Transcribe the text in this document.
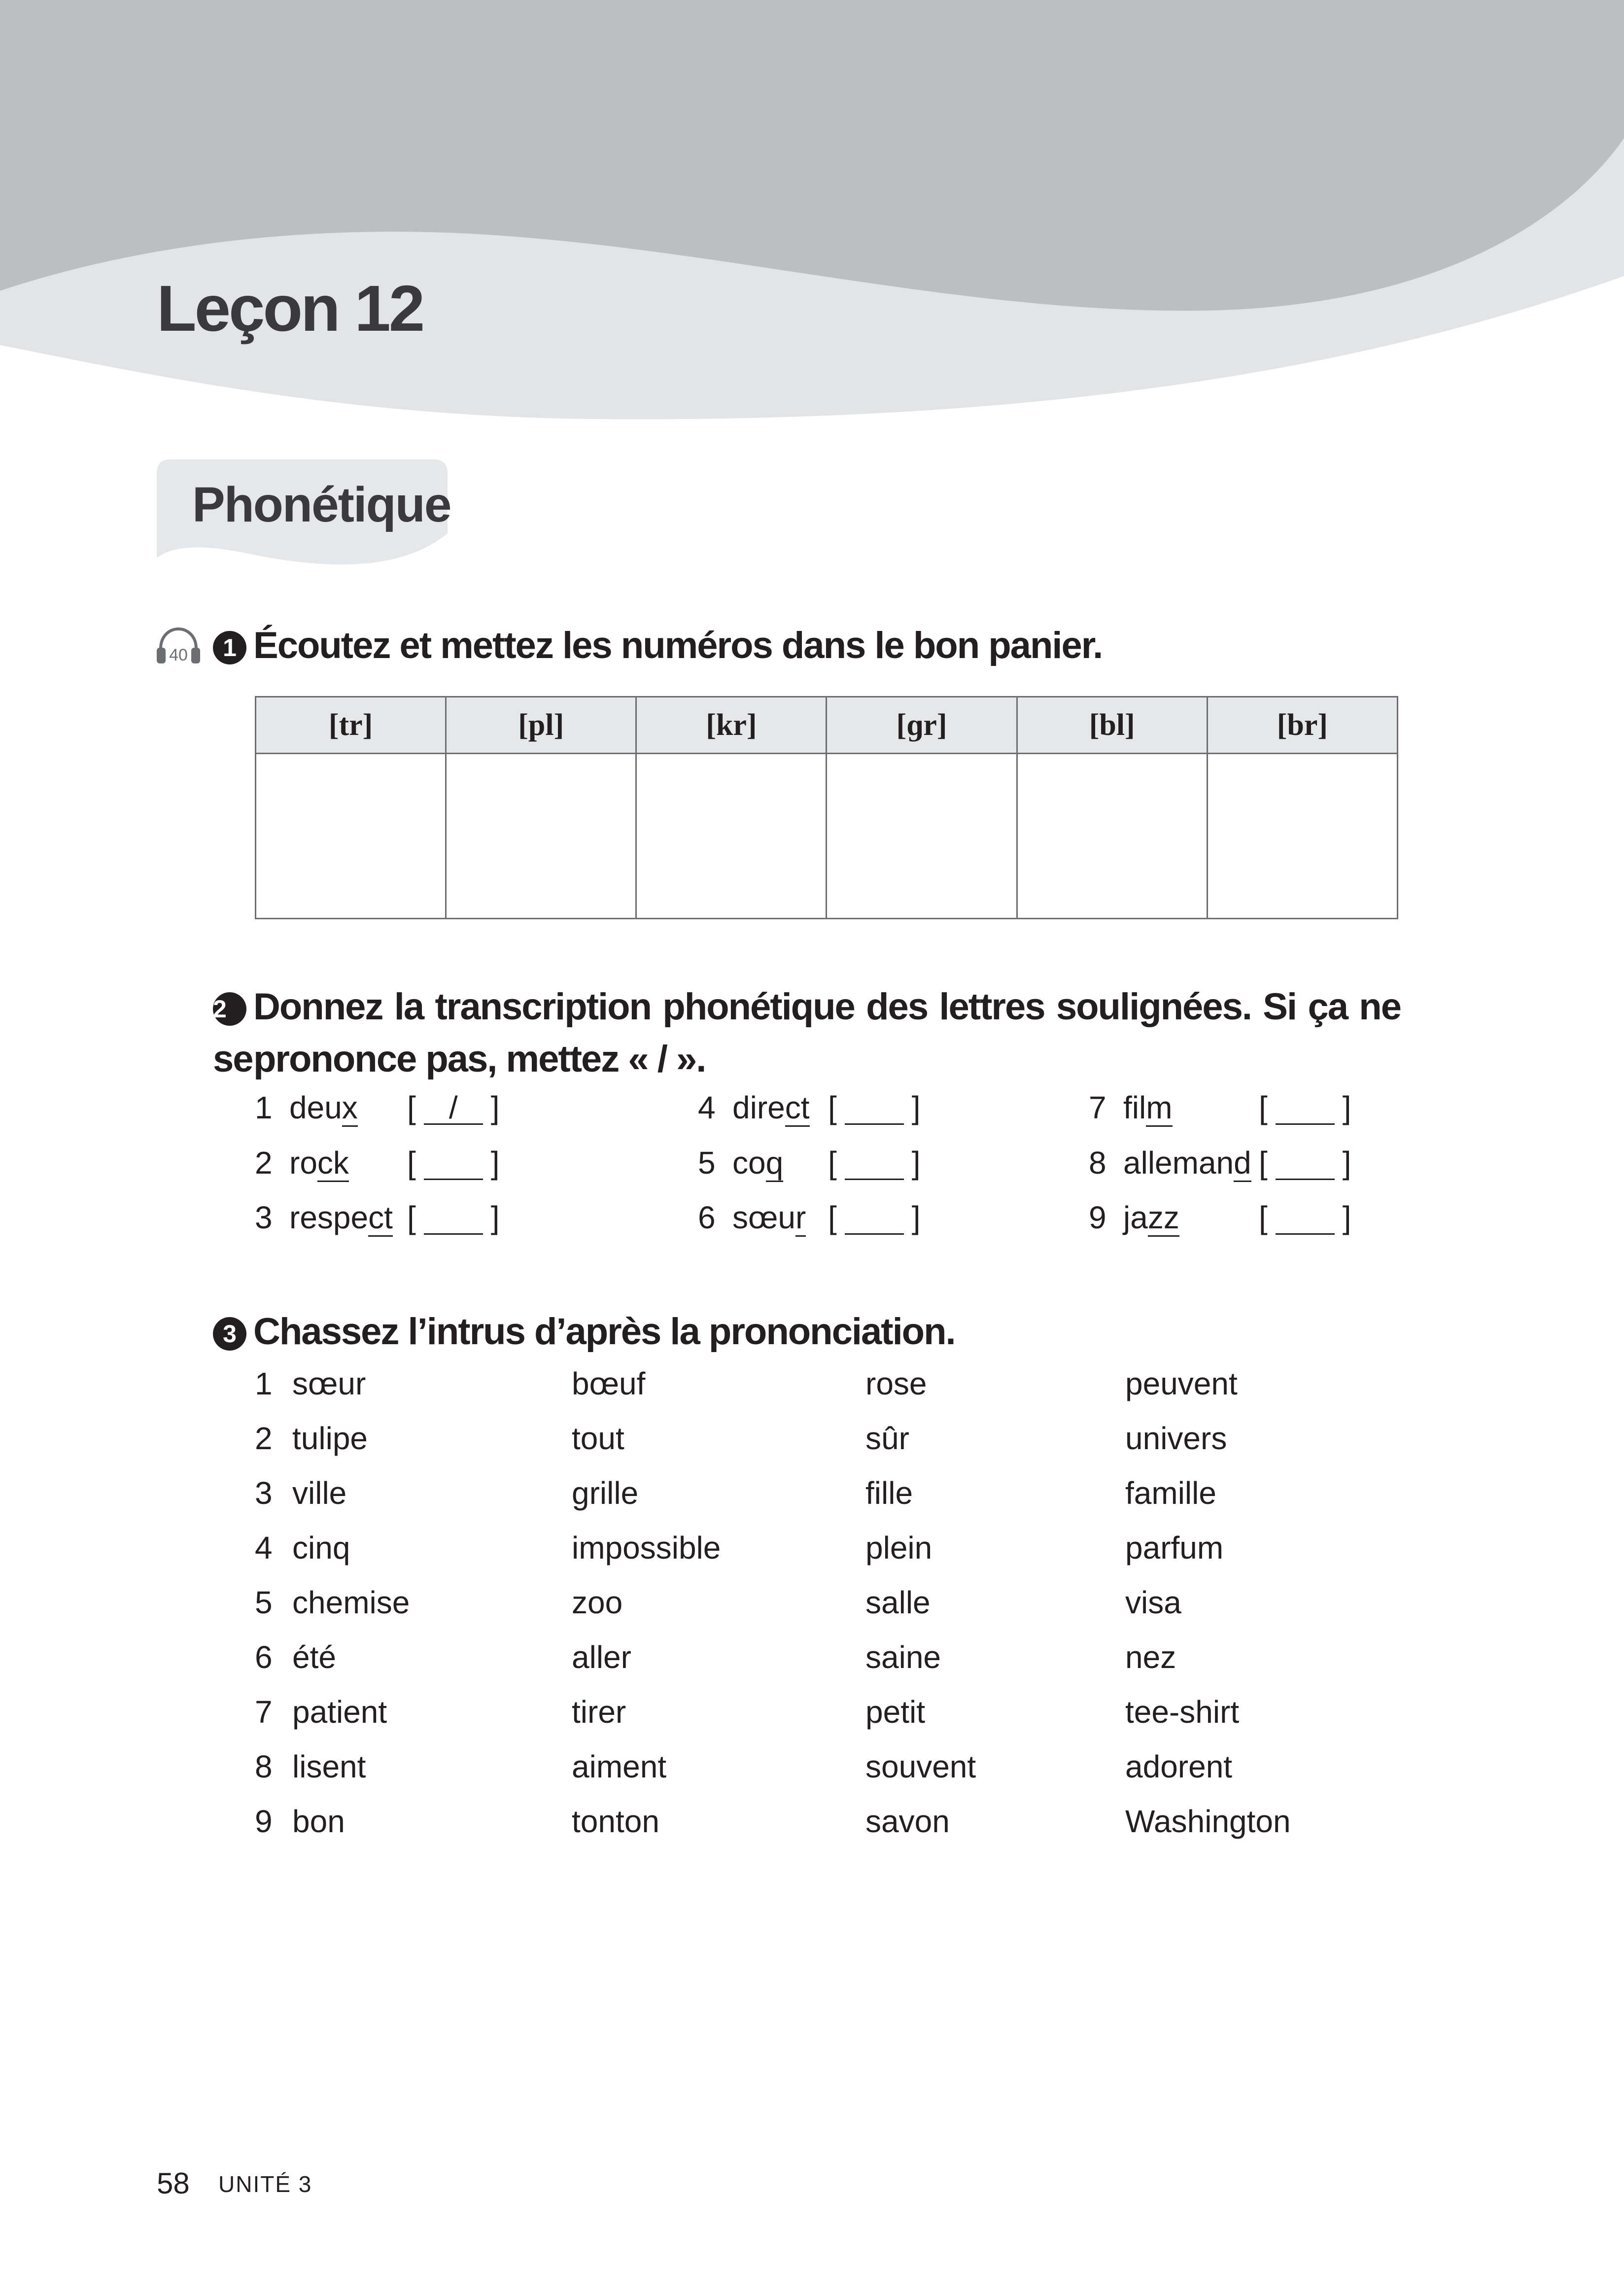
Leçon 12
Phonétique
40	1 Écoutez et mettez les numéros dans le bon panier.
[tr]	[pl]	[kr]	[ɡr]	[bl]	[br]

2 Donnez la transcription phonétique des lettres soulignées. Si ça ne se prononce pas, mettez « / ».
1 deux [ / ]
2 rock [ ]
3 respect [ ]
4 direct [ ]
5 coq [ ]
6 sœur [ ]
7 film	[ ]
8 allemand [ ]
9 jazz	[ ]
3 Chassez l’intrus d’après la prononciation.
1 sœur	bœuf	rose	peuvent
2 tulipe	tout	sûr	univers
3 ville	grille	fille	famille
4 cinq	impossible	plein	parfum
5 chemise	zoo	salle	visa
6 été	aller	saine	nez
7 patient	tirer	petit	tee-shirt
8 lisent	aiment	souvent	adorent
9 bon	tonton	savon	Washington
58 UNITÉ 3
